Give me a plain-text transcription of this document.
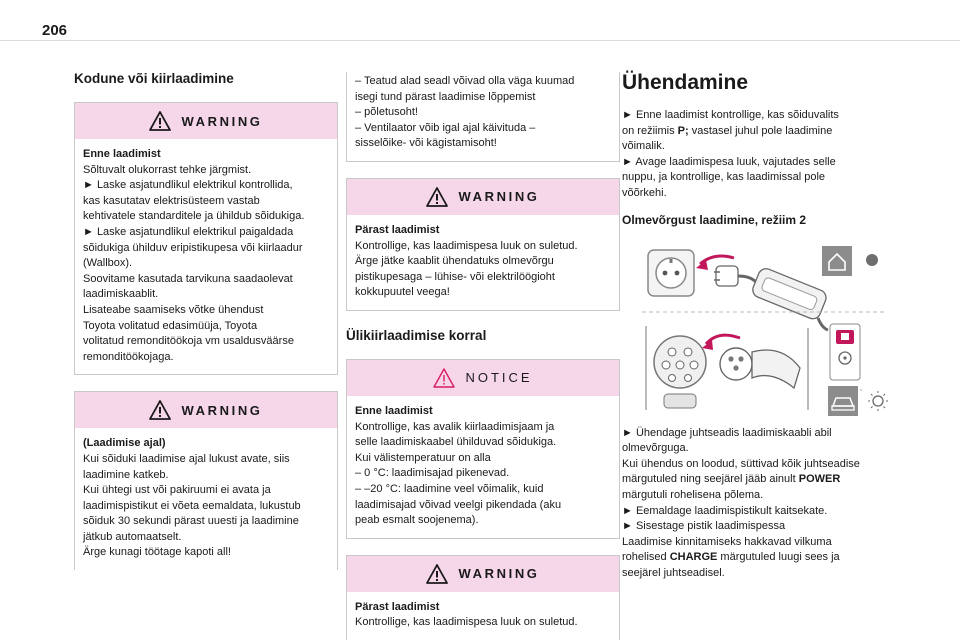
206
Kodune või kiirlaadimine
WARNING
Enne laadimist
Sõltuvalt olukorrast tehke järgmist.
► Laske asjatundlikul elektrikul kontrollida,
kas kasutatav elektrisüsteem vastab
kehtivatele standarditele ja ühildub sõidukiga.
► Laske asjatundlikul elektrikul paigaldada
sõidukiga ühilduv eripistikupesa või kiirlaadur
(Wallbox).
Soovitame kasutada tarvikuna saadaolevat
laadimiskaablit.
Lisateabe saamiseks võtke ühendust
Toyota volitatud edasimüüja, Toyota
volitatud remonditöökoja vm usaldusväärse
remonditöökojaga.
WARNING
(Laadimise ajal)
Kui sõiduki laadimise ajal lukust avate, siis
laadimine katkeb.
Kui ühtegi ust või pakiruumi ei avata ja
laadimispistikut ei võeta eemaldata, lukustub
sõiduk 30 sekundi pärast uuesti ja laadimine
jätkub automaatselt.
Ärge kunagi töötage kapoti all!
– Teatud alad seadl võivad olla väga kuumad
isegi tund pärast laadimise lõppemist
– põletusoht!
– Ventilaator võib igal ajal käivituda –
sisselõike- või kägistamisoht!
WARNING
Pärast laadimist
Kontrollige, kas laadimispesa luuk on suletud.
Ärge jätke kaablit ühendatuks olmevõrgu
pistikupesaga – lühise- või elektrilöögioht
kokkupuutel veega!
Ülikiirlaadimise korral
NOTICE
Enne laadimist
Kontrollige, kas avalik kiirlaadimisjaam ja
selle laadimiskaabel ühilduvad sõidukiga.
Kui välistemperatuur on alla
– 0 °C: laadimisajad pikenevad.
– –20 °C: laadimine veel võimalik, kuid
laadimisajad võivad veelgi pikendada (aku
peab esmalt soojenema).
WARNING
Pärast laadimist
Kontrollige, kas laadimispesa luuk on suletud.
Ühendamine
► Enne laadimist kontrollige, kas sõiduvalits
on režiimis P; vastasel juhul pole laadimine
võimalik.
► Avage laadimispesa luuk, vajutades selle
nuppu, ja kontrollige, kas laadimissal pole
võõrkehi.
Olmevõrgust laadimine, režiim 2
► Ühendage juhtseadis laadimiskaabli abil
olmevõrguga.
Kui ühendus on loodud, süttivad kõik juhtseadise
märgutuled ning seejärel jääb ainult POWER
märgutuli roheliseна põlema.
► Eemaldage laadimispistikult kaitsekate.
► Sisestage pistik laadimispessa
Laadimise kinnitamiseks hakkavad vilkuma
rohelised CHARGE märgutuled luugi sees ja
seejärel juhtseadisel.
